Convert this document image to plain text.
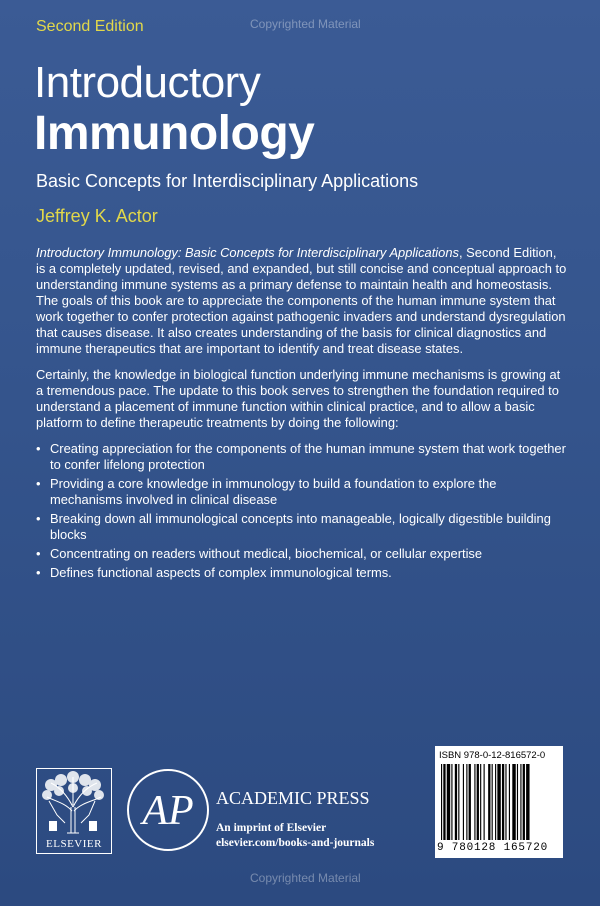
Copyrighted Material
Second Edition
Introductory
Immunology
Basic Concepts for Interdisciplinary Applications
Jeffrey K. Actor

Introductory Immunology: Basic Concepts for Interdisciplinary Applications, Second Edition, is a completely updated, revised, and expanded, but still concise and conceptual approach to understanding immune systems as a primary defense to maintain health and homeostasis. The goals of this book are to appreciate the components of the human immune system that work together to confer protection against pathogenic invaders and understand dysregulation that causes disease. It also creates understanding of the basis for clinical diagnostics and immune therapeutics that are important to identify and treat disease states.

Certainly, the knowledge in biological function underlying immune mechanisms is growing at a tremendous pace. The update to this book serves to strengthen the foundation required to understand a placement of immune function within clinical practice, and to allow a basic platform to define therapeutic treatments by doing the following:

• Creating appreciation for the components of the human immune system that work together to confer lifelong protection
• Providing a core knowledge in immunology to build a foundation to explore the mechanisms involved in clinical disease
• Breaking down all immunological concepts into manageable, logically digestible building blocks
• Concentrating on readers without medical, biochemical, or cellular expertise
• Defines functional aspects of complex immunological terms.
ELSEVIER
AP ACADEMIC PRESS
An imprint of Elsevier
elsevier.com/books-and-journals
ISBN 978-0-12-816572-0
9 780128 165720
Copyrighted Material
